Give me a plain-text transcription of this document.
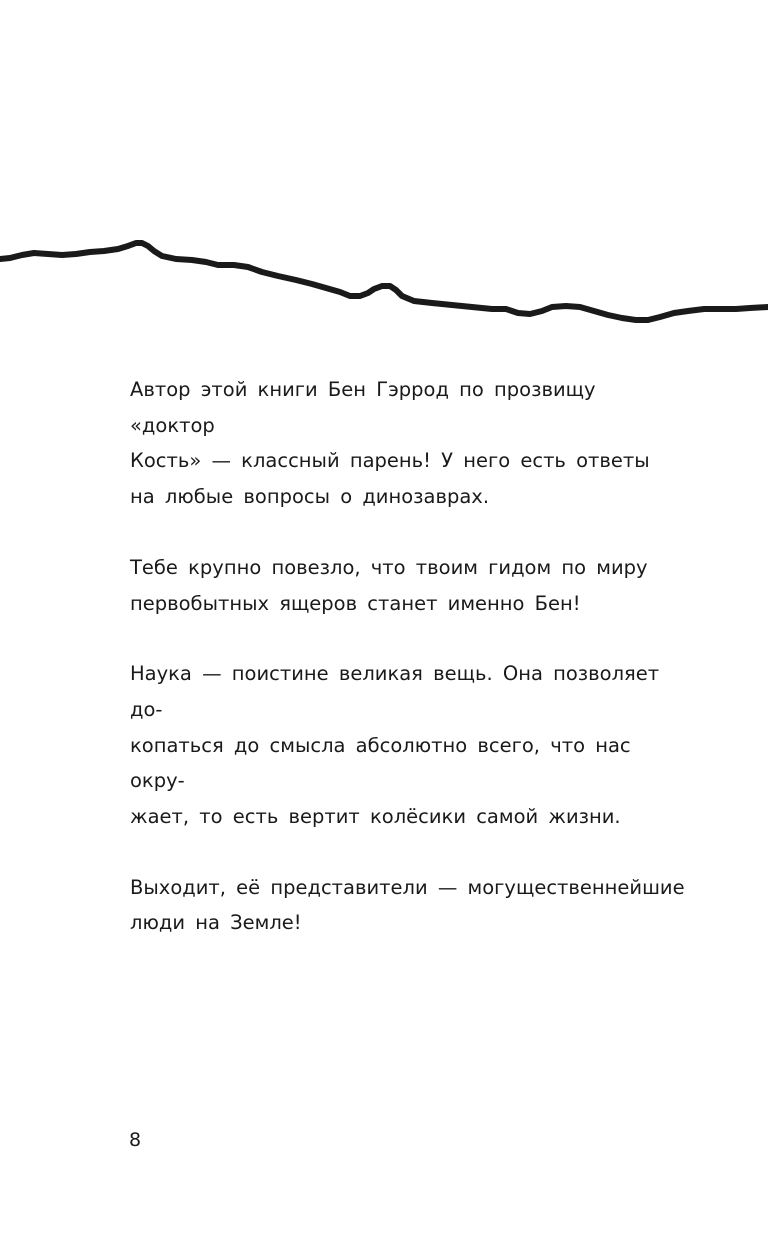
Автор этой книги Бен Гэррод по прозвищу «доктор
Кость» — классный парень! У него есть ответы
на любые вопросы о динозаврах.

Тебе крупно повезло, что твоим гидом по миру
первобытных ящеров станет именно Бен!

Наука — поистине великая вещь. Она позволяет до-
копаться до смысла абсолютно всего, что нас окру-
жает, то есть вертит колёсики самой жизни.

Выходит, её представители — могущественнейшие
люди на Земле!

8
